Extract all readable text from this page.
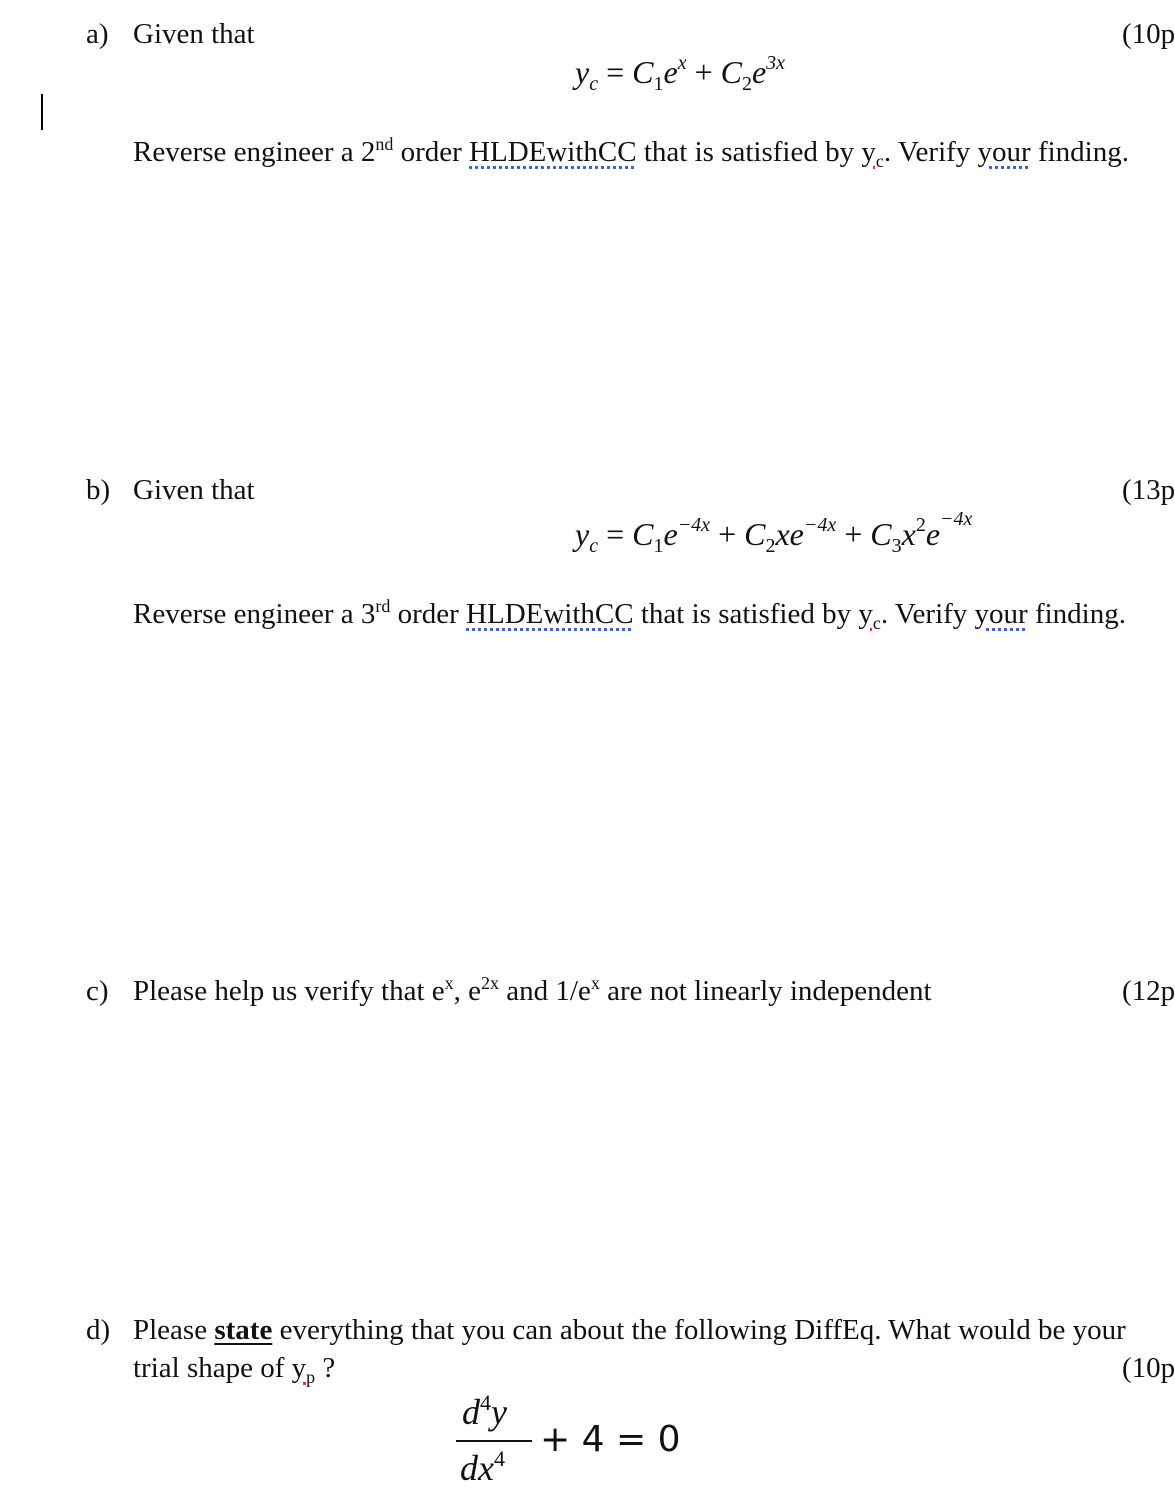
a) Given that	(10p
$y_c = C_1e^x + C_2e^{3x}$
Reverse engineer a 2nd order HLDEwithCC that is satisfied by $y_c$. Verify your finding.
b) Given that	(13p
$y_c = C_1e^{-4x} + C_2xe^{-4x} + C_3x^2e^{-4x}$
Reverse engineer a 3rd order HLDEwithCC that is satisfied by $y_c$. Verify your finding.
c) Please help us verify that $e^x$, $e^{2x}$ and $1/e^x$ are not linearly independent	(12p
d) Please state everything that you can about the following DiffEq. What would be your
trial shape of $y_p$ ?	(10p
$d^4y$
$dx^4 + 4 = 0$
